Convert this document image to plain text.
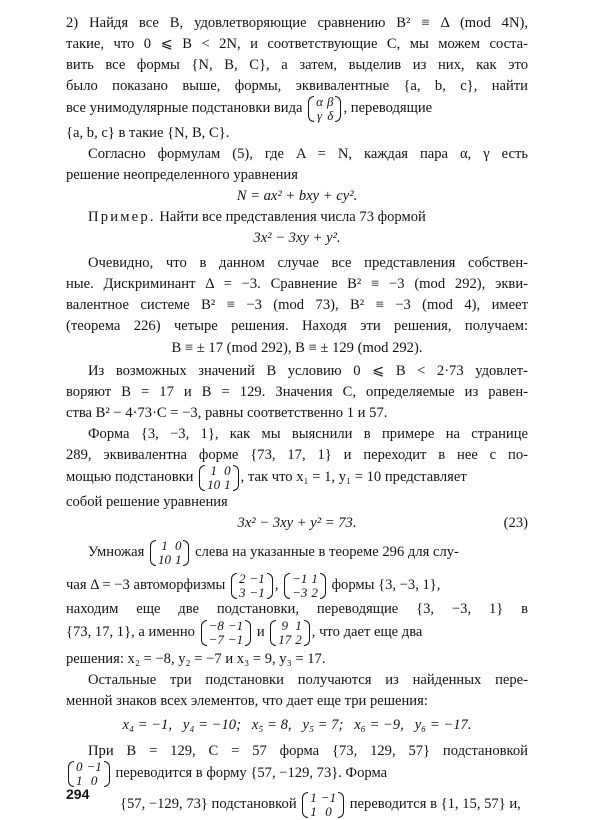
2) Найдя все B, удовлетворяющие сравнению B² ≡ Δ (mod 4N),
такие, что 0 ⩽ B < 2N, и соответствующие C, мы можем соста-
вить все формы {N, B, C}, а затем, выделив из них, как это
было показано выше, формы, эквивалентные {a, b, c}, найти
все унимодулярные подстановки вида α	β
γ	δ , переводящие
{a, b, c} в такие {N, B, C}.
Согласно формулам (5), где A = N, каждая пара α, γ есть
решение неопределенного уравнения
N = ax² + bxy + cy².
Пример. Найти все представления числа 73 формой
3x² − 3xy + y².
Очевидно, что в данном случае все представления собствен-
ные. Дискриминант Δ = −3. Сравнение B² ≡ −3 (mod 292), экви-
валентное системе B² ≡ −3 (mod 73), B² ≡ −3 (mod 4), имеет
(теорема 226) четыре решения. Находя эти решения, получаем:
B ≡ ± 17 (mod 292), B ≡ ± 129 (mod 292).
Из возможных значений B условию 0 ⩽ B < 2·73 удовлет-
воряют B = 17 и B = 129. Значения C, определяемые из равен-
ства B² − 4·73·C = −3, равны соответственно 1 и 57.
Форма {3, −3, 1}, как мы выяснили в примере на странице
289, эквивалентна форме {73, 17, 1} и переходит в нее с по-
мощью подстановки 1	0
10	1 , так что x₁ = 1, y₁ = 10 представляет
собой решение уравнения
3x² − 3xy + y² = 73.	(23)
Умножая 1	0
10	1 слева на указанные в теореме 296 для слу-
чая Δ = −3 автоморфизмы 2	−1
3	−1 , −1	1
−3	2 формы {3, −3, 1},
находим еще две подстановки, переводящие {3, −3, 1} в
{73, 17, 1}, а именно −8	−1
−7	−1 и 9	1
17	2 , что дает еще два
решения: x₂ = −8, y₂ = −7 и x₃ = 9, y₃ = 17.
Остальные три подстановки получаются из найденных пере-
менной знаков всех элементов, что дает еще три решения:
x₄ = −1,   y₄ = −10;   x₅ = 8,   y₅ = 7;   x₆ = −9,   y₆ = −17.
При B = 129, C = 57 форма {73, 129, 57} подстановкой
0	−1
1	0 переводится в форму {57, −129, 73}. Форма
{57, −129, 73} подстановкой 1	−1
1	0 переводится в {1, 15, 57} и,
294
